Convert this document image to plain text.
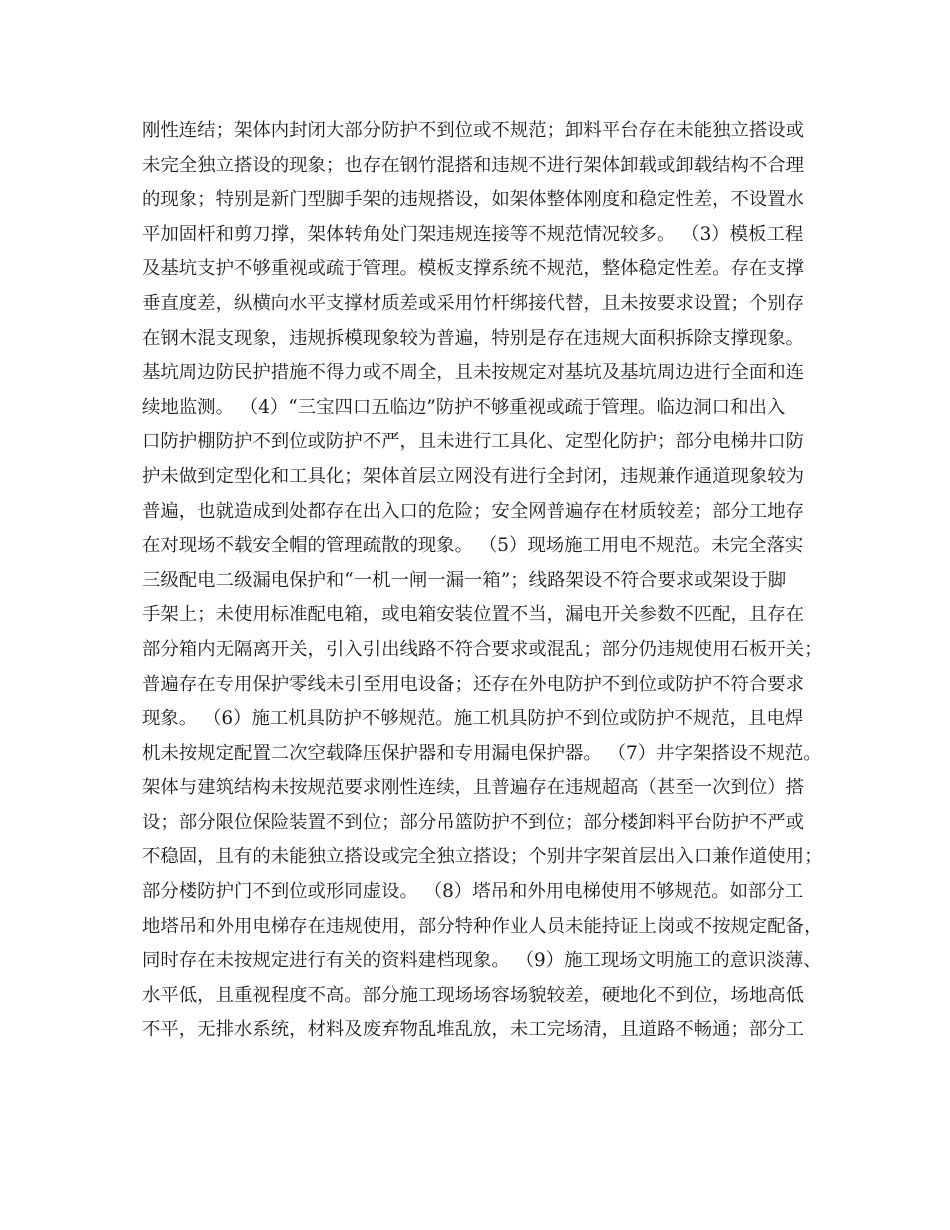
刚性连结；架体内封闭大部分防护不到位或不规范；卸料平台存在未能独立搭设或
未完全独立搭设的现象；也存在钢竹混搭和违规不进行架体卸载或卸载结构不合理
的现象；特别是新门型脚手架的违规搭设，如架体整体刚度和稳定性差，不设置水
平加固杆和剪刀撑，架体转角处门架违规连接等不规范情况较多。 （3）模板工程
及基坑支护不够重视或疏于管理。模板支撑系统不规范，整体稳定性差。存在支撑
垂直度差，纵横向水平支撑材质差或采用竹杆绑接代替，且未按要求设置；个别存
在钢木混支现象，违规拆模现象较为普遍，特别是存在违规大面积拆除支撑现象。
基坑周边防民护措施不得力或不周全，且未按规定对基坑及基坑周边进行全面和连
续地监测。 （4）“三宝四口五临边”防护不够重视或疏于管理。临边洞口和出入
口防护棚防护不到位或防护不严，且未进行工具化、定型化防护；部分电梯井口防
护未做到定型化和工具化；架体首层立网没有进行全封闭，违规兼作通道现象较为
普遍，也就造成到处都存在出入口的危险；安全网普遍存在材质较差；部分工地存
在对现场不载安全帽的管理疏散的现象。 （5）现场施工用电不规范。未完全落实
三级配电二级漏电保护和“一机一闸一漏一箱”；线路架设不符合要求或架设于脚
手架上；未使用标准配电箱，或电箱安装位置不当，漏电开关参数不匹配，且存在
部分箱内无隔离开关，引入引出线路不符合要求或混乱；部分仍违规使用石板开关；
普遍存在专用保护零线未引至用电设备；还存在外电防护不到位或防护不符合要求
现象。 （6）施工机具防护不够规范。施工机具防护不到位或防护不规范，且电焊
机未按规定配置二次空载降压保护器和专用漏电保护器。 （7）井字架搭设不规范。
架体与建筑结构未按规范要求刚性连续，且普遍存在违规超高（甚至一次到位）搭
设；部分限位保险装置不到位；部分吊篮防护不到位；部分楼卸料平台防护不严或
不稳固，且有的未能独立搭设或完全独立搭设；个别井字架首层出入口兼作道使用；
部分楼防护门不到位或形同虚设。 （8）塔吊和外用电梯使用不够规范。如部分工
地塔吊和外用电梯存在违规使用，部分特种作业人员未能持证上岗或不按规定配备，
同时存在未按规定进行有关的资料建档现象。 （9）施工现场文明施工的意识淡薄、
水平低，且重视程度不高。部分施工现场场容场貌较差，硬地化不到位，场地高低
不平，无排水系统，材料及废弃物乱堆乱放，未工完场清，且道路不畅通；部分工
